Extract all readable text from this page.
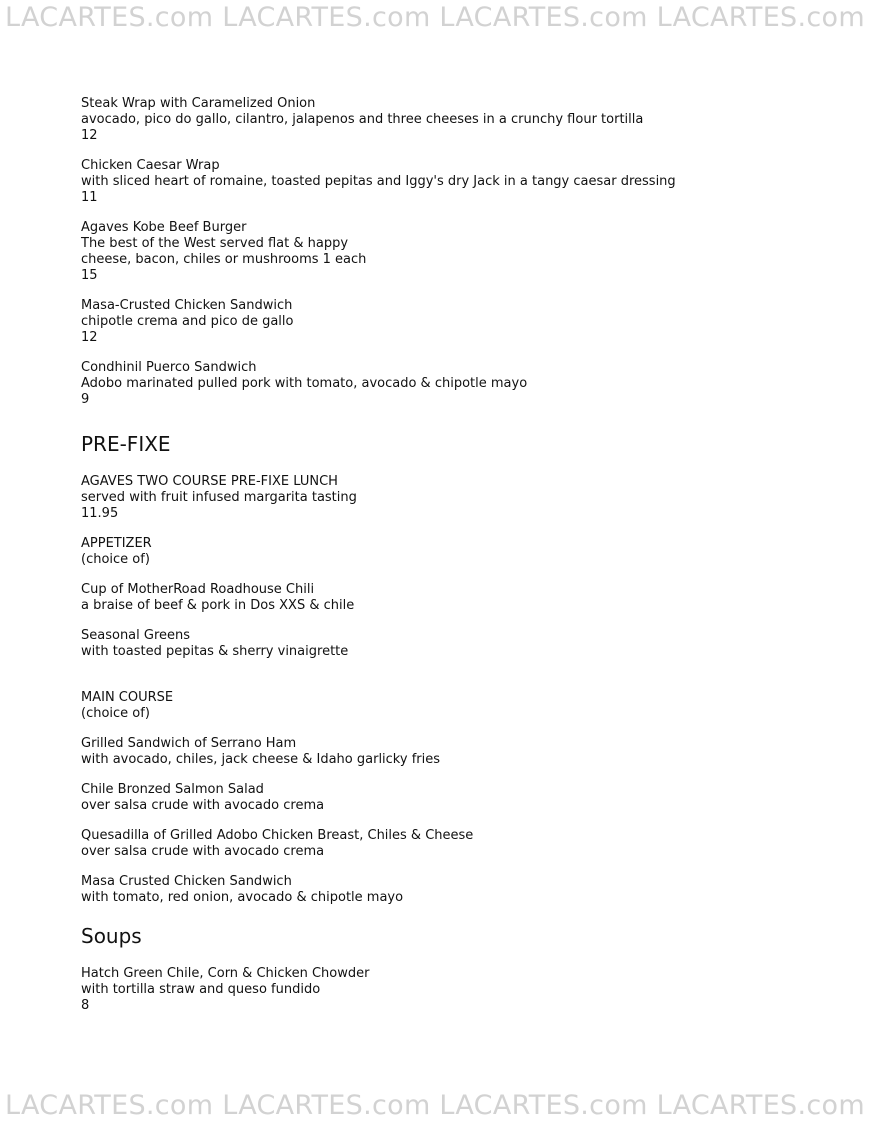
LACARTES.com LACARTES.com LACARTES.com LACARTES.com
Steak Wrap with Caramelized Onion
avocado, pico do gallo, cilantro, jalapenos and three cheeses in a crunchy flour tortilla
12
Chicken Caesar Wrap
with sliced heart of romaine, toasted pepitas and Iggy's dry Jack in a tangy caesar dressing
11
Agaves Kobe Beef Burger
The best of the West served flat & happy
cheese, bacon, chiles or mushrooms 1 each
15
Masa-Crusted Chicken Sandwich
chipotle crema and pico de gallo
12
Condhinil Puerco Sandwich
Adobo marinated pulled pork with tomato, avocado & chipotle mayo
9
PRE-FIXE
AGAVES TWO COURSE PRE-FIXE LUNCH
served with fruit infused margarita tasting
11.95
APPETIZER
(choice of)
Cup of MotherRoad Roadhouse Chili
a braise of beef & pork in Dos XXS & chile
Seasonal Greens
with toasted pepitas & sherry vinaigrette
MAIN COURSE
(choice of)
Grilled Sandwich of Serrano Ham
with avocado, chiles, jack cheese & Idaho garlicky fries
Chile Bronzed Salmon Salad
over salsa crude with avocado crema
Quesadilla of Grilled Adobo Chicken Breast, Chiles & Cheese
over salsa crude with avocado crema
Masa Crusted Chicken Sandwich
with tomato, red onion, avocado & chipotle mayo
Soups
Hatch Green Chile, Corn & Chicken Chowder
with tortilla straw and queso fundido
8
LACARTES.com LACARTES.com LACARTES.com LACARTES.com
